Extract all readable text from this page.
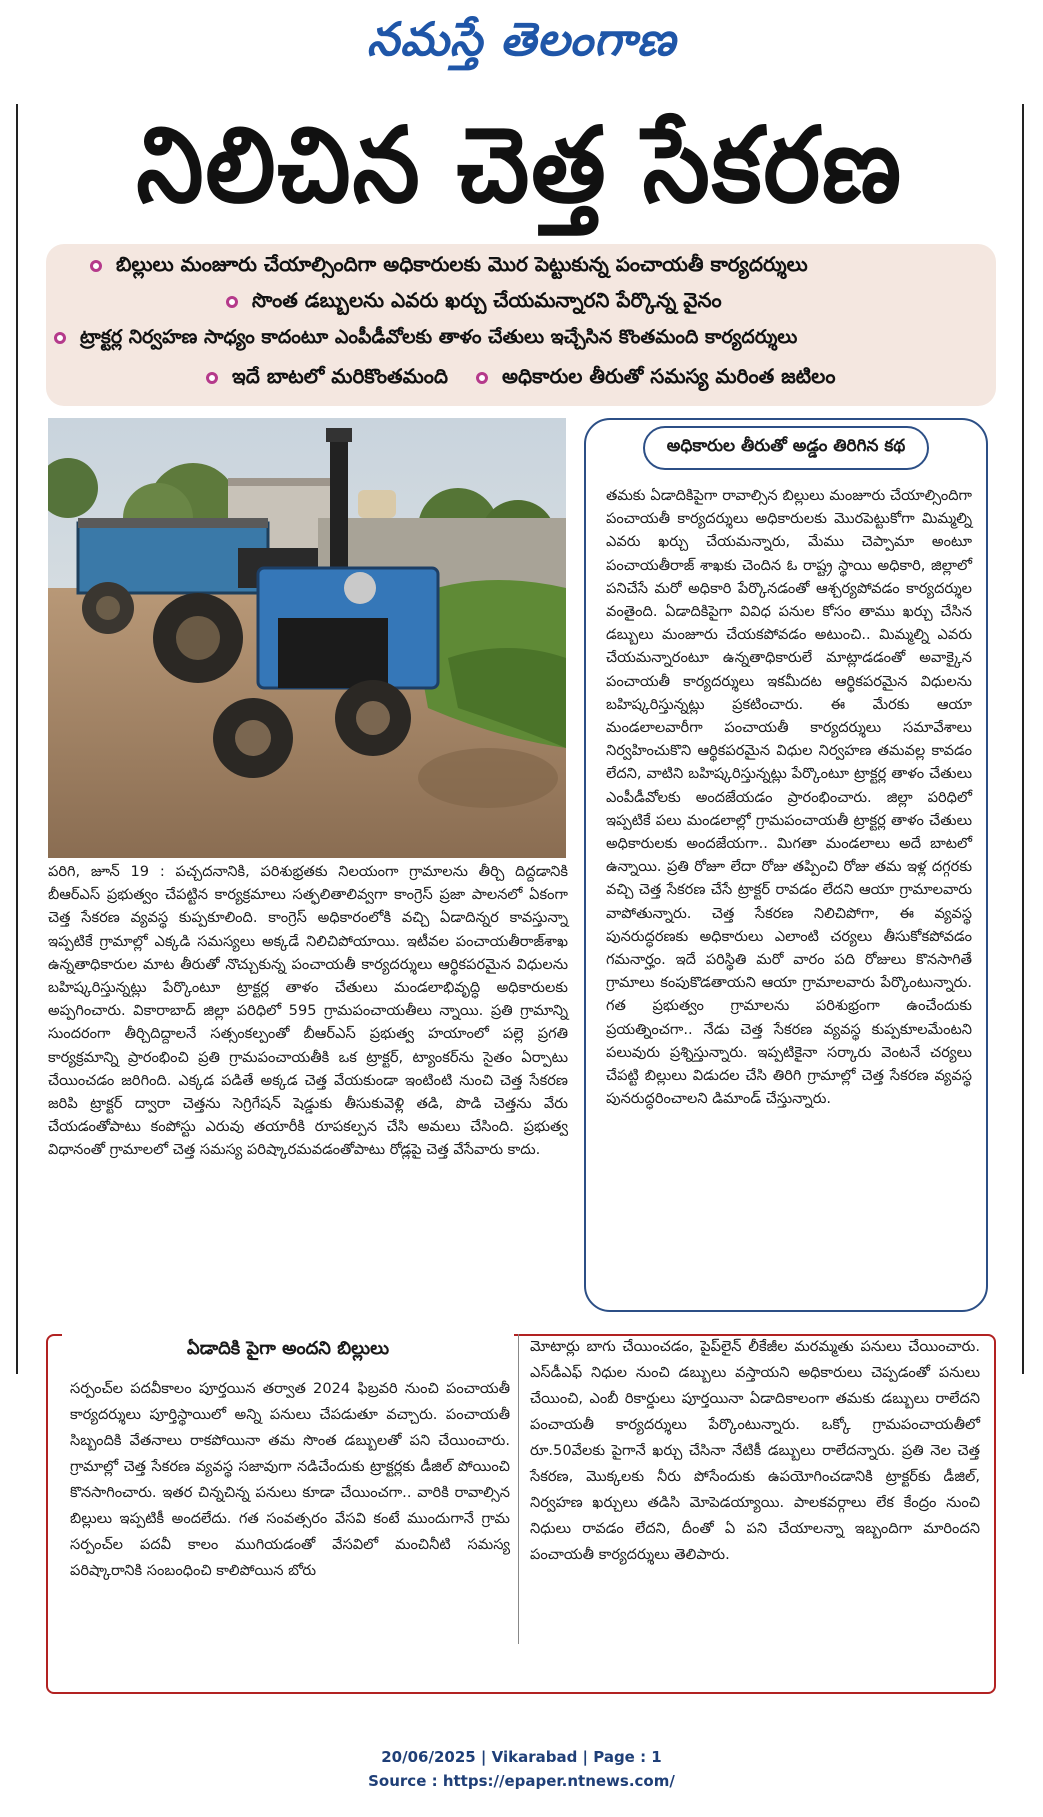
నమస్తే తెలంగాణ
నిలిచిన చెత్త సేకరణ
బిల్లులు మంజూరు చేయాల్సిందిగా అధికారులకు మొర పెట్టుకున్న పంచాయతీ కార్యదర్శులు
సొంత డబ్బులను ఎవరు ఖర్చు చేయమన్నారని పేర్కొన్న వైనం
ట్రాక్టర్ల నిర్వహణ సాధ్యం కాదంటూ ఎంపీడీవోలకు తాళం చేతులు ఇచ్చేసిన కొంతమంది కార్యదర్శులు
ఇదే బాటలో మరికొంతమంది	అధికారుల తీరుతో సమస్య మరింత జటిలం
పరిగి, జూన్ 19 : పచ్చదనానికి, పరిశుభ్రతకు నిలయంగా గ్రామాలను తీర్చి దిద్దడానికి బీఆర్‌ఎస్ ప్రభుత్వం చేపట్టిన కార్యక్రమాలు సత్ఫలితాలివ్వగా కాంగ్రెస్ ప్రజా పాలనలో ఏకంగా చెత్త సేకరణ వ్యవస్థ కుప్పకూలింది. కాంగ్రెస్ అధికారంలోకి వచ్చి ఏడాదిన్నర కావస్తున్నా ఇప్పటికే గ్రామాల్లో ఎక్కడి సమస్యలు అక్కడే నిలిచిపోయాయి. ఇటీవల పంచాయతీరాజ్‌శాఖ ఉన్నతాధికారుల మాట తీరుతో నొచ్చుకున్న పంచాయతీ కార్యదర్శులు ఆర్థికపరమైన విధులను బహిష్కరిస్తున్నట్లు పేర్కొంటూ ట్రాక్టర్ల తాళం చేతులు మండలాభివృద్ధి అధికారులకు అప్పగించారు. వికారాబాద్ జిల్లా పరిధిలో 595 గ్రామపంచాయతీలు న్నాయి. ప్రతి గ్రామాన్ని సుందరంగా తీర్చిదిద్దాలనే సత్సంకల్పంతో బీఆర్‌ఎస్ ప్రభుత్వ హయాంలో పల్లె ప్రగతి కార్యక్రమాన్ని ప్రారంభించి ప్రతి గ్రామపంచాయతీకి ఒక ట్రాక్టర్, ట్యాంకర్‌ను సైతం ఏర్పాటు చేయించడం జరిగింది. ఎక్కడ పడితే అక్కడ చెత్త వేయకుండా ఇంటింటి నుంచి చెత్త సేకరణ జరిపి ట్రాక్టర్ ద్వారా చెత్తను సెగ్రిగేషన్ షెడ్డుకు తీసుకువెళ్లి తడి, పొడి చెత్తను వేరు చేయడంతోపాటు కంపోస్టు ఎరువు తయారీకి రూపకల్పన చేసి అమలు చేసింది. ప్రభుత్వ విధానంతో గ్రామాలలో చెత్త సమస్య పరిష్కారమవడంతోపాటు రోడ్లపై చెత్త వేసేవారు కాదు.
అధికారుల తీరుతో అడ్డం తిరిగిన కథ
తమకు ఏడాదికిపైగా రావాల్సిన బిల్లులు మంజూరు చేయాల్సిందిగా పంచాయతీ కార్యదర్శులు అధికారులకు మొరపెట్టుకోగా మిమ్మల్ని ఎవరు ఖర్చు చేయమన్నారు, మేము చెప్పామా అంటూ పంచాయతీరాజ్ శాఖకు చెందిన ఓ రాష్ట్ర స్థాయి అధికారి, జిల్లాలో పనిచేసే మరో అధికారి పేర్కొనడంతో ఆశ్చర్యపోవడం కార్యదర్శుల వంతైంది. ఏడాదికిపైగా వివిధ పనుల కోసం తాము ఖర్చు చేసిన డబ్బులు మంజూరు చేయకపోవడం అటుంచి.. మిమ్మల్ని ఎవరు చేయమన్నారంటూ ఉన్నతాధికారులే మాట్లాడడంతో అవాక్కైన పంచాయతీ కార్యదర్శులు ఇకమీదట ఆర్థికపరమైన విధులను బహిష్కరిస్తున్నట్లు ప్రకటించారు. ఈ మేరకు ఆయా మండలాలవారీగా పంచాయతీ కార్యదర్శులు సమావేశాలు నిర్వహించుకొని ఆర్థికపరమైన విధుల నిర్వహణ తమవల్ల కావడం లేదని, వాటిని బహిష్కరిస్తున్నట్లు పేర్కొంటూ ట్రాక్టర్ల తాళం చేతులు ఎంపీడీవోలకు అందజేయడం ప్రారంభించారు. జిల్లా పరిధిలో ఇప్పటికే పలు మండలాల్లో గ్రామపంచాయతీ ట్రాక్టర్ల తాళం చేతులు అధికారులకు అందజేయగా.. మిగతా మండలాలు అదే బాటలో ఉన్నాయి. ప్రతి రోజూ లేదా రోజు తప్పించి రోజు తమ ఇళ్ల దగ్గరకు వచ్చి చెత్త సేకరణ చేసే ట్రాక్టర్ రావడం లేదని ఆయా గ్రామాలవారు వాపోతున్నారు. చెత్త సేకరణ నిలిచిపోగా, ఈ వ్యవస్థ పునరుద్ధరణకు అధికారులు ఎలాంటి చర్యలు తీసుకోకపోవడం గమనార్హం. ఇదే పరిస్థితి మరో వారం పది రోజులు కొనసాగితే గ్రామాలు కంపుకొడతాయని ఆయా గ్రామాలవారు పేర్కొంటున్నారు. గత ప్రభుత్వం గ్రామాలను పరిశుభ్రంగా ఉంచేందుకు ప్రయత్నించగా.. నేడు చెత్త సేకరణ వ్యవస్థ కుప్పకూలమేంటని పలువురు ప్రశ్నిస్తున్నారు. ఇప్పటికైనా సర్కారు వెంటనే చర్యలు చేపట్టి బిల్లులు విడుదల చేసి తిరిగి గ్రామాల్లో చెత్త సేకరణ వ్యవస్థ పునరుద్ధరించాలని డిమాండ్ చేస్తున్నారు.
ఏడాదికి పైగా అందని బిల్లులు
సర్పంచ్‌ల పదవీకాలం పూర్తయిన తర్వాత 2024 ఫిబ్రవరి నుంచి పంచాయతీ కార్యదర్శులు పూర్తిస్థాయిలో అన్ని పనులు చేపడుతూ వచ్చారు. పంచాయతీ సిబ్బందికి వేతనాలు రాకపోయినా తమ సొంత డబ్బులతో పని చేయించారు. గ్రామాల్లో చెత్త సేకరణ వ్యవస్థ సజావుగా నడిచేందుకు ట్రాక్టర్లకు డీజిల్ పోయించి కొనసాగించారు. ఇతర చిన్నచిన్న పనులు కూడా చేయించగా.. వారికి రావాల్సిన బిల్లులు ఇప్పటికీ అందలేదు. గత సంవత్సరం వేసవి కంటే ముందుగానే గ్రామ సర్పంచ్‌ల పదవీ కాలం ముగియడంతో వేసవిలో మంచినీటి సమస్య పరిష్కారానికి సంబంధించి కాలిపోయిన బోరు
మోటార్లు బాగు చేయించడం, పైప్‌లైన్ లీకేజీల మరమ్మతు పనులు చేయించారు. ఎస్‌డీఎఫ్ నిధుల నుంచి డబ్బులు వస్తాయని అధికారులు చెప్పడంతో పనులు చేయించి, ఎంబీ రికార్డులు పూర్తయినా ఏడాదికాలంగా తమకు డబ్బులు రాలేదని పంచాయతీ కార్యదర్శులు పేర్కొంటున్నారు. ఒక్కో గ్రామపంచాయతీలో రూ.50వేలకు పైగానే ఖర్చు చేసినా నేటికీ డబ్బులు రాలేదన్నారు. ప్రతి నెల చెత్త సేకరణ, మొక్కలకు నీరు పోసేందుకు ఉపయోగించడానికి ట్రాక్టర్‌కు డీజిల్, నిర్వహణ ఖర్చులు తడిసి మోపెడయ్యాయి. పాలకవర్గాలు లేక కేంద్రం నుంచి నిధులు రావడం లేదని, దీంతో ఏ పని చేయాలన్నా ఇబ్బందిగా మారిందని పంచాయతీ కార్యదర్శులు తెలిపారు.
20/06/2025 | Vikarabad | Page : 1
Source : https://epaper.ntnews.com/
